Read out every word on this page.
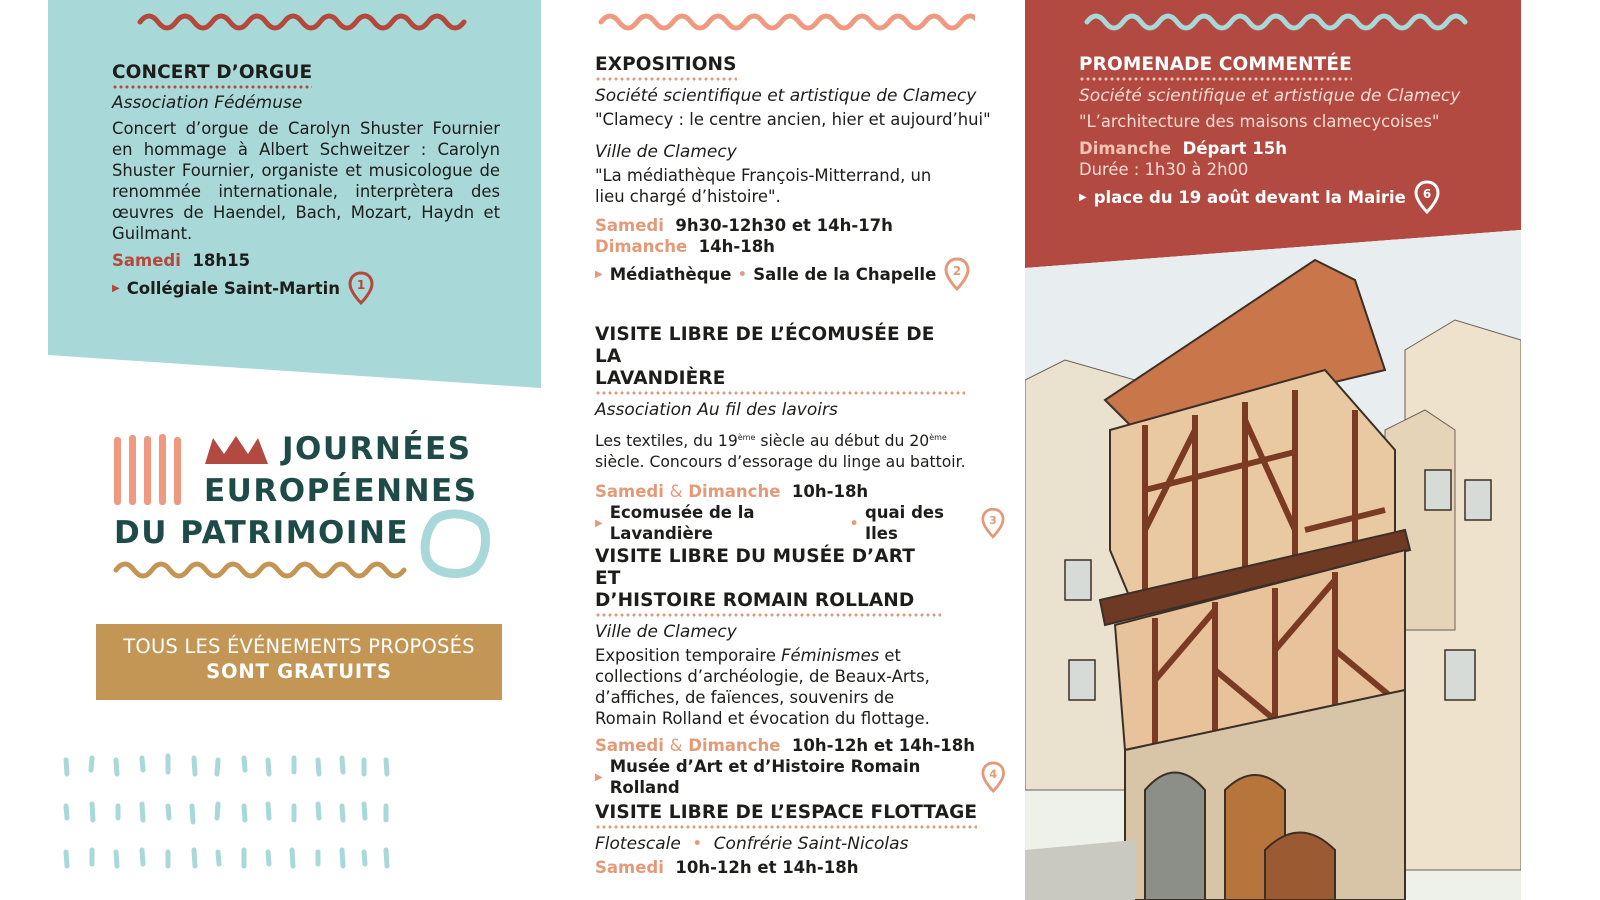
CONCERT D’ORGUE
Association Fédémuse

Concert d’orgue de Carolyn Shuster Fournier en hommage à Albert Schweitzer : Carolyn Shuster Fournier, organiste et musicologue de renommée internationale, interprètera des œuvres de Haendel, Bach, Mozart, Haydn et Guilmant.

Samedi 18h15
▶ Collégiale Saint-Martin 1
JOURNÉES
EUROPÉENNES
DU PATRIMOINE
TOUS LES ÉVÉNEMENTS PROPOSÉS
SONT GRATUITS
EXPOSITIONS
Société scientifique et artistique de Clamecy

"Clamecy : le centre ancien, hier et aujourd’hui"

Ville de Clamecy

"La médiathèque François-Mitterrand, un lieu chargé d’histoire".

Samedi 9h30-12h30 et 14h-17h
Dimanche 14h-18h
▶ Médiathèque • Salle de la Chapelle 2
VISITE LIBRE DE L’ÉCOMUSÉE DE LA
LAVANDIÈRE
Association Au fil des lavoirs

Les textiles, du 19ème siècle au début du 20ème siècle. Concours d’essorage du linge au battoir.

Samedi & Dimanche 10h-18h
▶
Ecomusée de la Lavandière
•
quai des Iles
3
VISITE LIBRE DU MUSÉE D’ART ET
D’HISTOIRE ROMAIN ROLLAND
Ville de Clamecy

Exposition temporaire Féminismes et collections d’archéologie, de Beaux-Arts, d’affiches, de faïences, souvenirs de Romain Rolland et évocation du flottage.

Samedi & Dimanche 10h-12h et 14h-18h
▶
Musée d’Art et d’Histoire Romain Rolland
4
VISITE LIBRE DE L’ESPACE FLOTTAGE
Flotescale • Confrérie Saint-Nicolas
Samedi 10h-12h et 14h-18h
PROMENADE COMMENTÉE
Société scientifique et artistique de Clamecy

"L’architecture des maisons clamecycoises"

Dimanche Départ 15h

Durée : 1h30 à 2h00

▶ place du 19 août devant la Mairie 6
